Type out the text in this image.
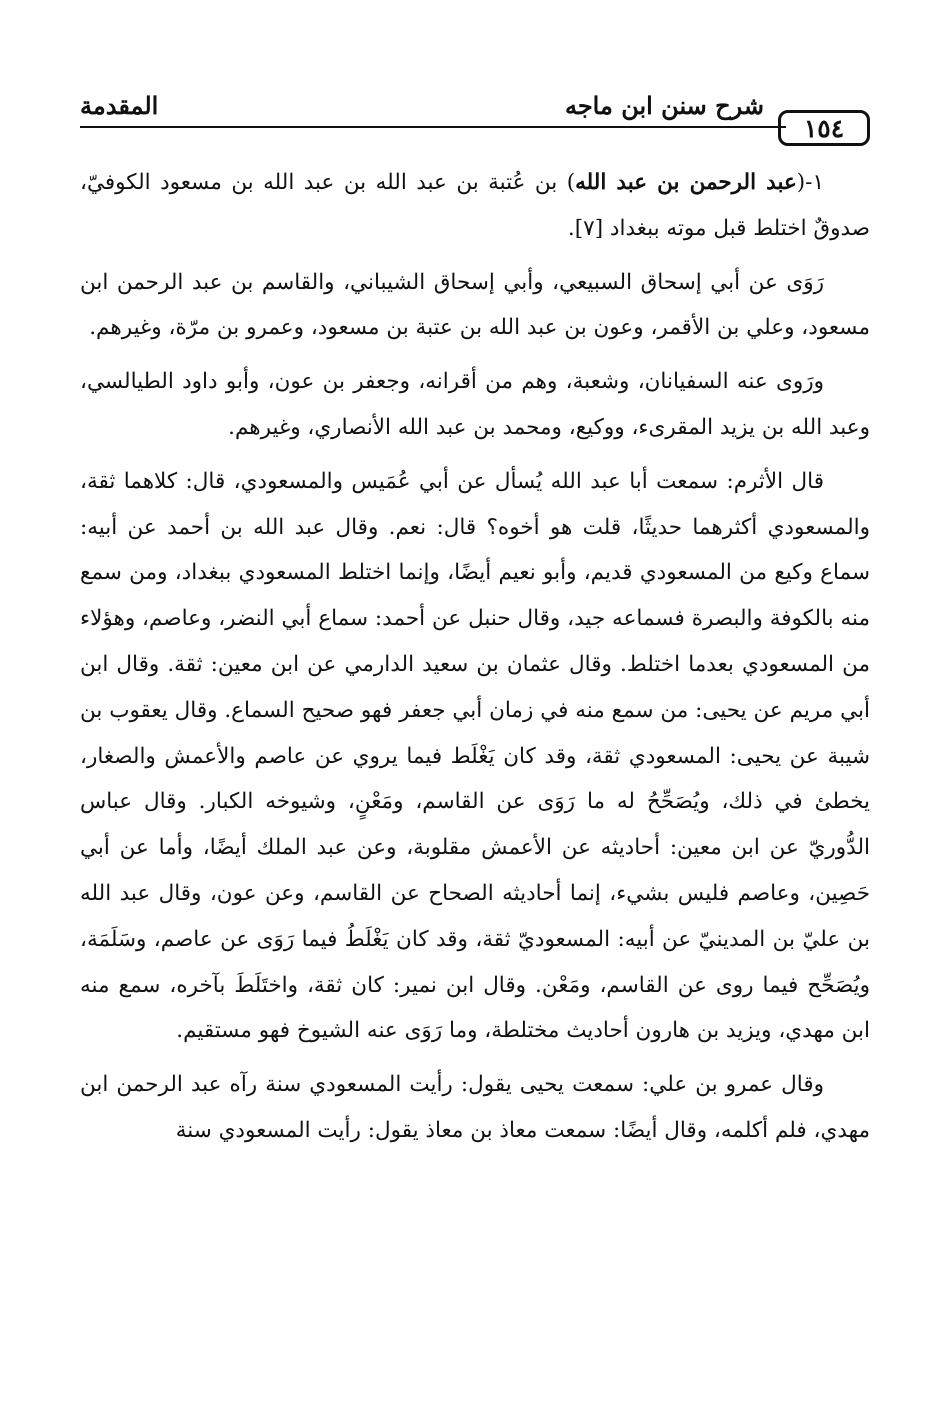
١٥٤
شرح سنن ابن ماجه
المقدمة

١-(عبد الرحمن بن عبد الله) بن عُتبة بن عبد الله بن عبد الله بن مسعود الكوفيّ، صدوقٌ اختلط قبل موته ببغداد [٧].

رَوَى عن أبي إسحاق السبيعي، وأبي إسحاق الشيباني، والقاسم بن عبد الرحمن ابن مسعود، وعلي بن الأقمر، وعون بن عبد الله بن عتبة بن مسعود، وعمرو بن مرّة، وغيرهم.

ورَوى عنه السفيانان، وشعبة، وهم من أقرانه، وجعفر بن عون، وأبو داود الطيالسي، وعبد الله بن يزيد المقرىء، ووكيع، ومحمد بن عبد الله الأنصاري، وغيرهم.

قال الأثرم: سمعت أبا عبد الله يُسأل عن أبي عُمَيس والمسعودي، قال: كلاهما ثقة، والمسعودي أكثرهما حديثًا، قلت هو أخوه؟ قال: نعم. وقال عبد الله بن أحمد عن أبيه: سماع وكيع من المسعودي قديم، وأبو نعيم أيضًا، وإنما اختلط المسعودي ببغداد، ومن سمع منه بالكوفة والبصرة فسماعه جيد، وقال حنبل عن أحمد: سماع أبي النضر، وعاصم، وهؤلاء من المسعودي بعدما اختلط. وقال عثمان بن سعيد الدارمي عن ابن معين: ثقة. وقال ابن أبي مريم عن يحيى: من سمع منه في زمان أبي جعفر فهو صحيح السماع. وقال يعقوب بن شيبة عن يحيى: المسعودي ثقة، وقد كان يَغْلَط فيما يروي عن عاصم والأعمش والصغار، يخطئ في ذلك، ويُصَحِّحُ له ما رَوَى عن القاسم، ومَعْنٍ، وشيوخه الكبار. وقال عباس الدُّوريّ عن ابن معين: أحاديثه عن الأعمش مقلوبة، وعن عبد الملك أيضًا، وأما عن أبي حَصِين، وعاصم فليس بشيء، إنما أحاديثه الصحاح عن القاسم، وعن عون، وقال عبد الله بن عليّ بن المدينيّ عن أبيه: المسعوديّ ثقة، وقد كان يَغْلَطُ فيما رَوَى عن عاصم، وسَلَمَة، ويُصَحِّح فيما روى عن القاسم، ومَعْن. وقال ابن نمير: كان ثقة، واختَلَطَ بآخره، سمع منه ابن مهدي، ويزيد بن هارون أحاديث مختلطة، وما رَوَى عنه الشيوخ فهو مستقيم.

وقال عمرو بن علي: سمعت يحيى يقول: رأيت المسعودي سنة رآه عبد الرحمن ابن مهدي، فلم أكلمه، وقال أيضًا: سمعت معاذ بن معاذ يقول: رأيت المسعودي سنة
